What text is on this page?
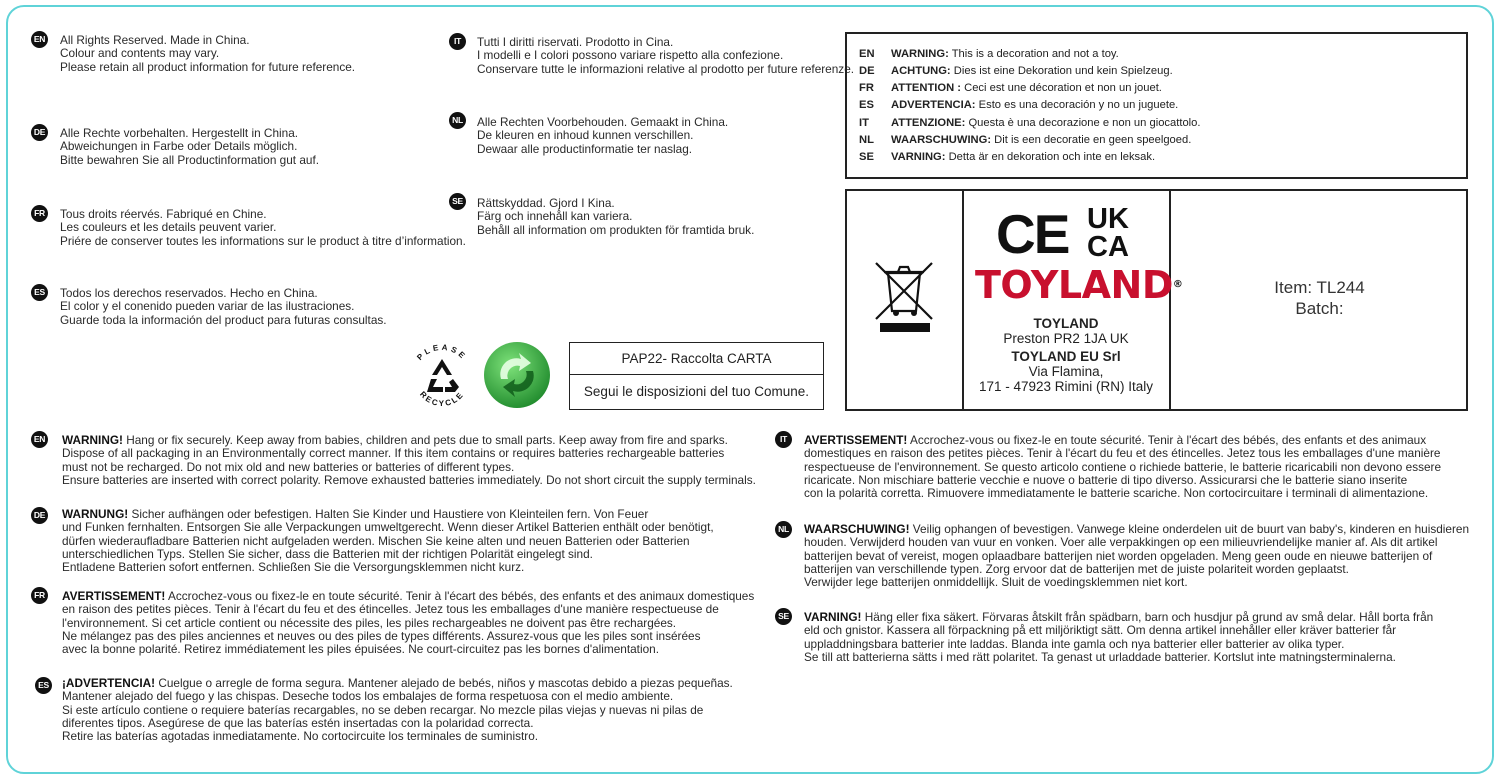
EN All Rights Reserved. Made in China.
Colour and contents may vary.
Please retain all product information for future reference.
DE Alle Rechte vorbehalten. Hergestellt in China.
Abweichungen in Farbe oder Details möglich.
Bitte bewahren Sie all Productinformation gut auf.
FR Tous droits réervés. Fabriqué en Chine.
Les couleurs et les details peuvent varier.
Priére de conserver toutes les informations sur le product à titre d’information.
ES Todos los derechos reservados. Hecho en China.
El color y el conenido pueden variar de las ilustraciones.
Guarde toda la información del product para futuras consultas.
IT	Tutti I diritti riservati. Prodotto in Cina.
I modelli e I colori possono variare rispetto alla confezione.
Conservare tutte le informazioni relative al prodotto per future referenze.
NL Alle Rechten Voorbehouden. Gemaakt in China.
De kleuren en inhoud kunnen verschillen.
Dewaar alle productinformatie ter naslag.
SE Rättskyddad. Gjord I Kina.
Färg och innehåll kan variera.
Behåll all information om produkten för framtida bruk.
PLEASE
RECYCLE
PAP22- Raccolta CARTA
Segui le disposizioni del tuo Comune.
EN WARNING: This is a decoration and not a toy.
DE ACHTUNG: Dies ist eine Dekoration und kein Spielzeug.
FR ATTENTION : Ceci est une décoration et non un jouet.
ES ADVERTENCIA: Esto es una decoración y no un juguete.
IT ATTENZIONE: Questa è una decorazione e non un giocattolo.
NL WAARSCHUWING: Dit is een decoratie en geen speelgoed.
SE VARNING: Detta är en dekoration och inte en leksak.
CE UK
CA
TOYLAND®
TOYLAND
Preston PR2 1JA UK
TOYLAND EU Srl
Via Flamina,
171 - 47923 Rimini (RN) Italy
Item: TL244
Batch:
EN WARNING! Hang or fix securely. Keep away from babies, children and pets due to small parts. Keep away from fire and sparks.
Dispose of all packaging in an Environmentally correct manner. If this item contains or requires batteries rechargeable batteries
must not be recharged. Do not mix old and new batteries or batteries of different types.
Ensure batteries are inserted with correct polarity. Remove exhausted batteries immediately. Do not short circuit the supply terminals.
DE WARNUNG! Sicher aufhängen oder befestigen. Halten Sie Kinder und Haustiere von Kleinteilen fern. Von Feuer
und Funken fernhalten. Entsorgen Sie alle Verpackungen umweltgerecht. Wenn dieser Artikel Batterien enthält oder benötigt,
dürfen wiederaufladbare Batterien nicht aufgeladen werden. Mischen Sie keine alten und neuen Batterien oder Batterien
unterschiedlichen Typs. Stellen Sie sicher, dass die Batterien mit der richtigen Polarität eingelegt sind.
Entladene Batterien sofort entfernen. Schließen Sie die Versorgungsklemmen nicht kurz.
FR AVERTISSEMENT! Accrochez-vous ou fixez-le en toute sécurité. Tenir à l'écart des bébés, des enfants et des animaux domestiques
en raison des petites pièces. Tenir à l'écart du feu et des étincelles. Jetez tous les emballages d'une manière respectueuse de
l'environnement. Si cet article contient ou nécessite des piles, les piles rechargeables ne doivent pas être rechargées.
Ne mélangez pas des piles anciennes et neuves ou des piles de types différents. Assurez-vous que les piles sont insérées
avec la bonne polarité. Retirez immédiatement les piles épuisées. Ne court-circuitez pas les bornes d'alimentation.
ES ¡ADVERTENCIA! Cuelgue o arregle de forma segura. Mantener alejado de bebés, niños y mascotas debido a piezas pequeñas.
Mantener alejado del fuego y las chispas. Deseche todos los embalajes de forma respetuosa con el medio ambiente.
Si este artículo contiene o requiere baterías recargables, no se deben recargar. No mezcle pilas viejas y nuevas ni pilas de
diferentes tipos. Asegúrese de que las baterías estén insertadas con la polaridad correcta.
Retire las baterías agotadas inmediatamente. No cortocircuite los terminales de suministro.
IT	AVERTISSEMENT! Accrochez-vous ou fixez-le en toute sécurité. Tenir à l'écart des bébés, des enfants et des animaux
domestiques en raison des petites pièces. Tenir à l'écart du feu et des étincelles. Jetez tous les emballages d'une manière
respectueuse de l'environnement. Se questo articolo contiene o richiede batterie, le batterie ricaricabili non devono essere
ricaricate. Non mischiare batterie vecchie e nuove o batterie di tipo diverso. Assicurarsi che le batterie siano inserite
con la polarità corretta. Rimuovere immediatamente le batterie scariche. Non cortocircuitare i terminali di alimentazione.
NL WAARSCHUWING! Veilig ophangen of bevestigen. Vanwege kleine onderdelen uit de buurt van baby's, kinderen en huisdieren
houden. Verwijderd houden van vuur en vonken. Voer alle verpakkingen op een milieuvriendelijke manier af. Als dit artikel
batterijen bevat of vereist, mogen oplaadbare batterijen niet worden opgeladen. Meng geen oude en nieuwe batterijen of
batterijen van verschillende typen. Zorg ervoor dat de batterijen met de juiste polariteit worden geplaatst.
Verwijder lege batterijen onmiddellijk. Sluit de voedingsklemmen niet kort.
SE VARNING! Häng eller fixa säkert. Förvaras åtskilt från spädbarn, barn och husdjur på grund av små delar. Håll borta från
eld och gnistor. Kassera all förpackning på ett miljöriktigt sätt. Om denna artikel innehåller eller kräver batterier får
uppladdningsbara batterier inte laddas. Blanda inte gamla och nya batterier eller batterier av olika typer.
Se till att batterierna sätts i med rätt polaritet. Ta genast ut urladdade batterier. Kortslut inte matningsterminalerna.
